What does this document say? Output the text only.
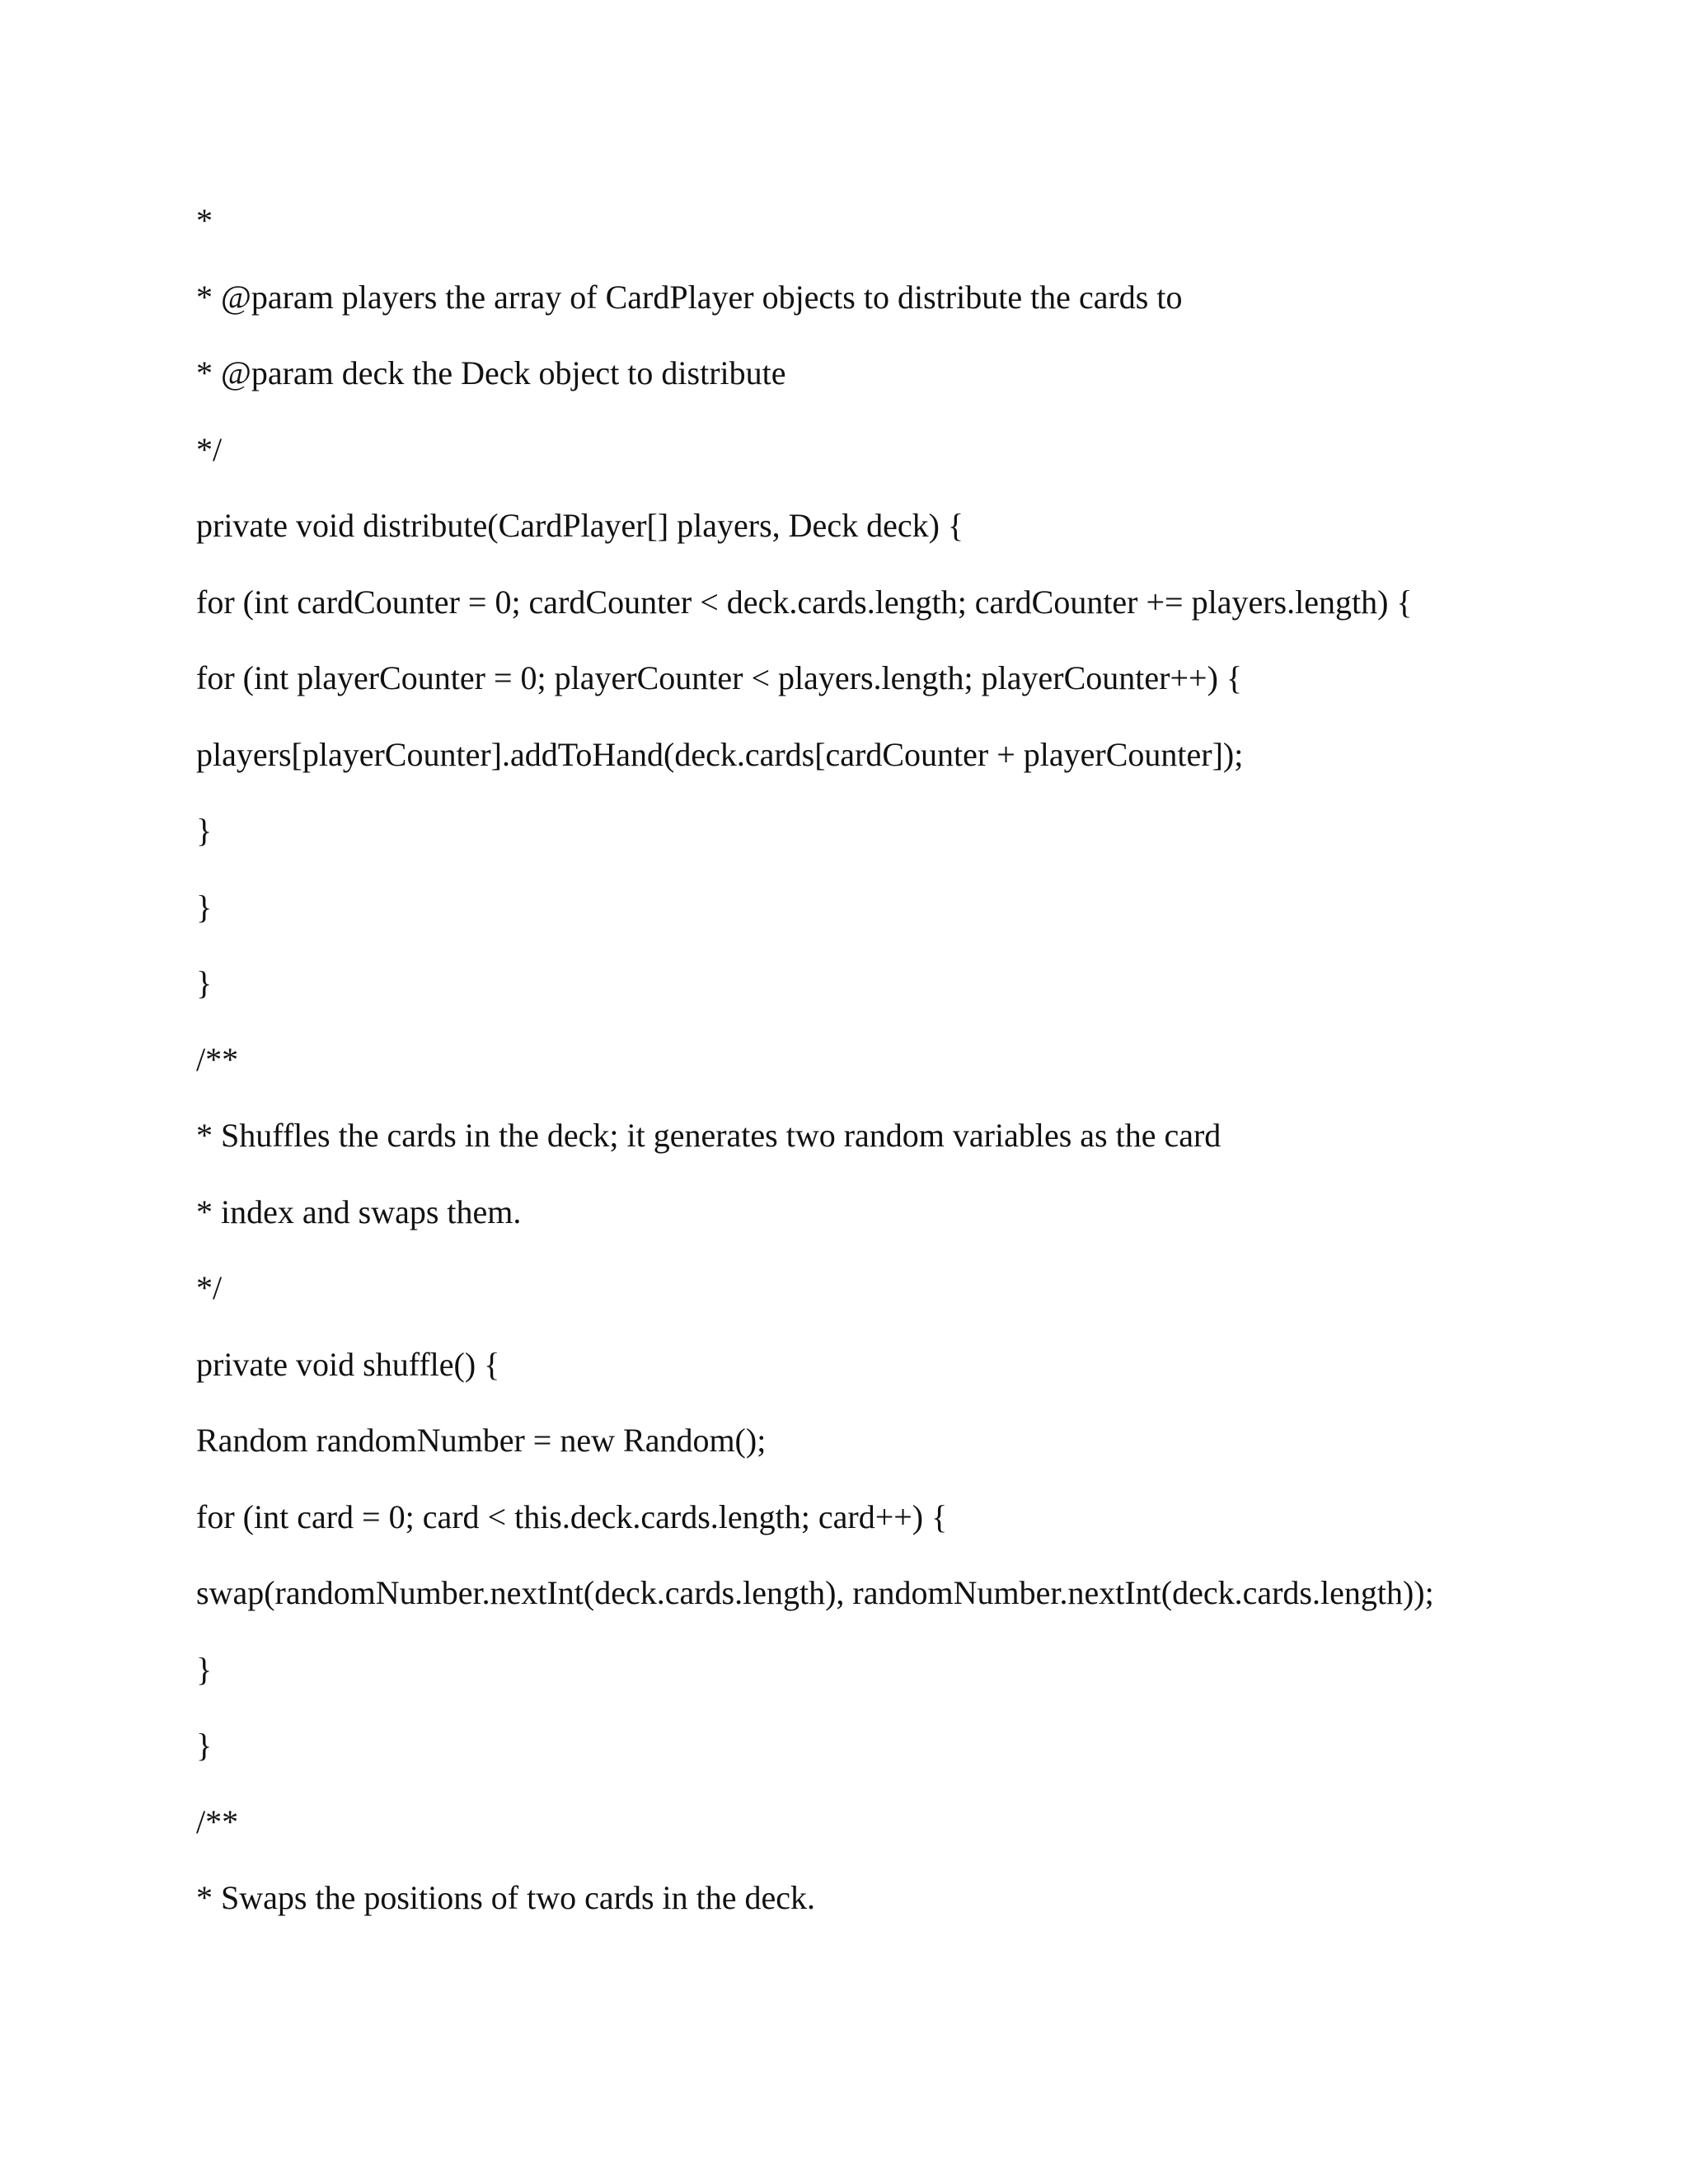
*
* @param players the array of CardPlayer objects to distribute the cards to
* @param deck the Deck object to distribute
*/
private void distribute(CardPlayer[] players, Deck deck) {
for (int cardCounter = 0; cardCounter < deck.cards.length; cardCounter += players.length) {
for (int playerCounter = 0; playerCounter < players.length; playerCounter++) {
players[playerCounter].addToHand(deck.cards[cardCounter + playerCounter]);
}
}
}
/**
* Shuffles the cards in the deck; it generates two random variables as the card
* index and swaps them.
*/
private void shuffle() {
Random randomNumber = new Random();
for (int card = 0; card < this.deck.cards.length; card++) {
swap(randomNumber.nextInt(deck.cards.length), randomNumber.nextInt(deck.cards.length));
}
}
/**
* Swaps the positions of two cards in the deck.
